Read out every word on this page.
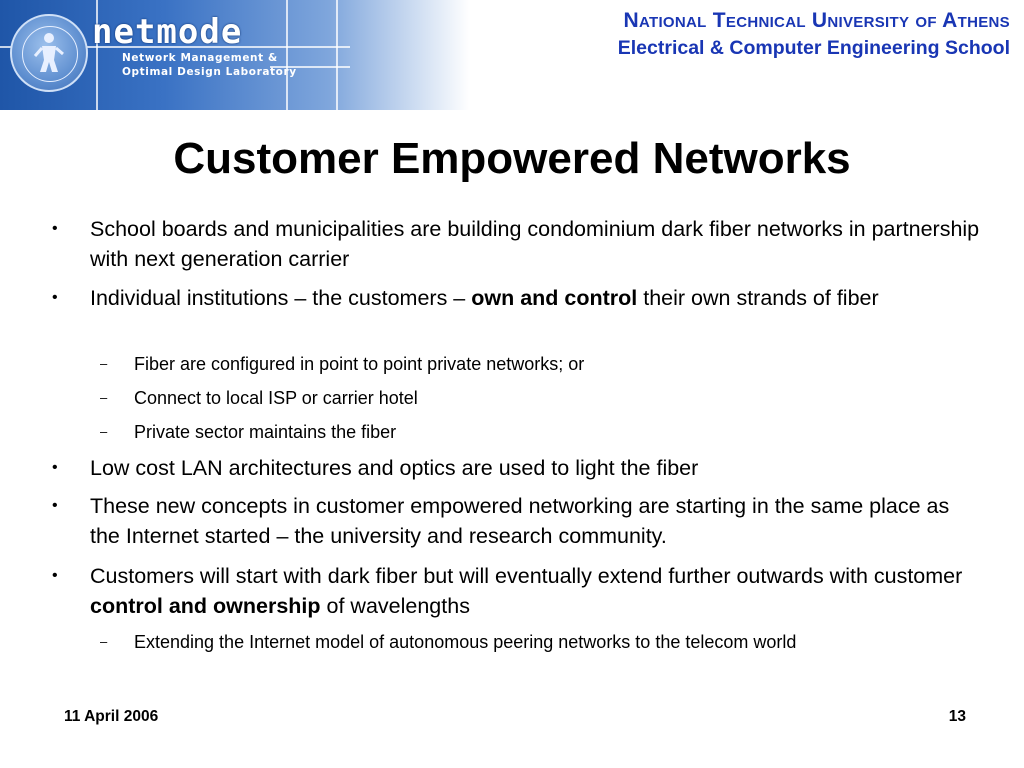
netmode
Network Management &
Optimal Design Laboratory
National Technical University of Athens
Electrical & Computer Engineering School
Customer Empowered Networks
• School boards and municipalities are building condominium dark fiber networks in partnership with next generation carrier
• Individual institutions – the customers – own and control their own strands of fiber
– Fiber are configured in point to point private networks; or
– Connect to local ISP or carrier hotel
– Private sector maintains the fiber
• Low cost LAN architectures and optics are used to light the fiber
• These new concepts in customer empowered networking are starting in the same place as the Internet started – the university and research community.
• Customers will start with dark fiber but will eventually extend further outwards with customer control and ownership of wavelengths
– Extending the Internet model of autonomous peering networks to the telecom world
11 April 2006	13
